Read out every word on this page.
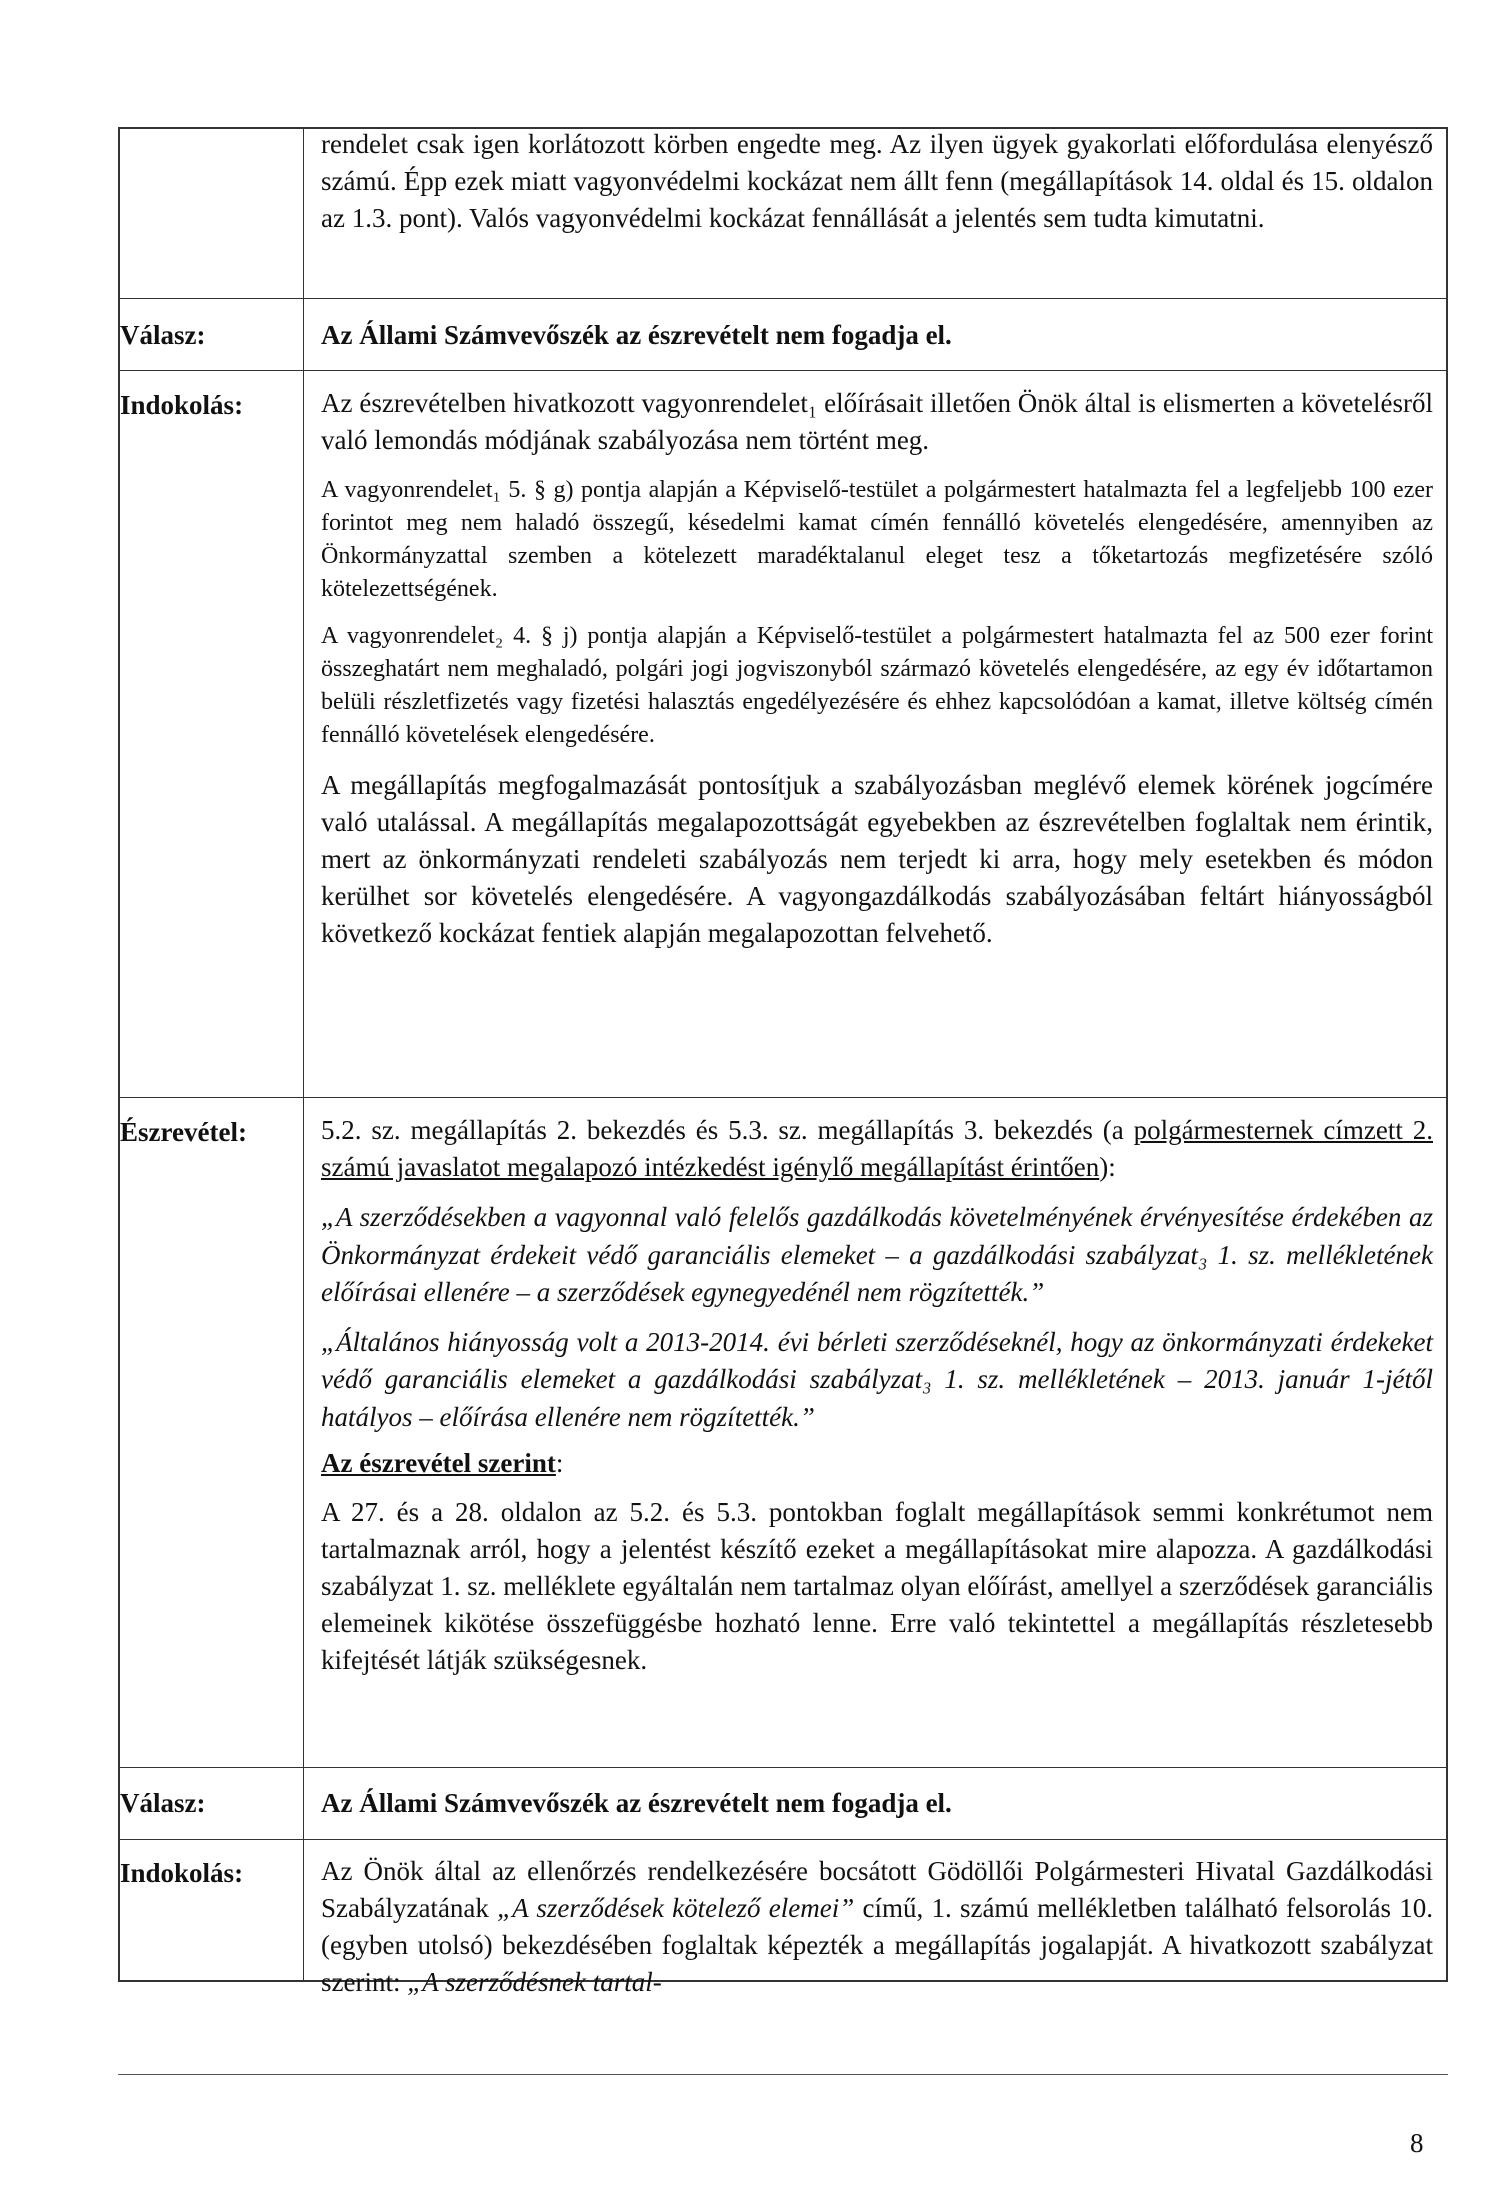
rendelet csak igen korlátozott körben engedte meg. Az ilyen ügyek gyakorlati előfordulása elenyésző számú. Épp ezek miatt vagyonvédelmi kockázat nem állt fenn (megállapítások 14. oldal és 15. oldalon az 1.3. pont). Valós vagyonvédelmi kockázat fennállását a jelentés sem tudta kimutatni.

Válasz:	Az Állami Számvevőszék az észrevételt nem fogadja el.

Indokolás:	Az észrevételben hivatkozott vagyonrendelet₁ előírásait illetően Önök által is elismerten a követelésről való lemondás módjának szabályozása nem történt meg.

A vagyonrendelet₁ 5. § g) pontja alapján a Képviselő-testület a polgármestert hatalmazta fel a legfeljebb 100 ezer forintot meg nem haladó összegű, késedelmi kamat címén fennálló követelés elengedésére, amennyiben az Önkormányzattal szemben a kötelezett maradéktalanul eleget tesz a tőketartozás megfizetésére szóló kötelezettségének.

A vagyonrendelet₂ 4. § j) pontja alapján a Képviselő-testület a polgármestert hatalmazta fel az 500 ezer forint összeghatárt nem meghaladó, polgári jogi jogviszonyból származó követelés elengedésére, az egy év időtartamon belüli részletfizetés vagy fizetési halasztás engedélyezésére és ehhez kapcsolódóan a kamat, illetve költség címén fennálló követelések elengedésére.

A megállapítás megfogalmazását pontosítjuk a szabályozásban meglévő elemek körének jogcímére való utalással. A megállapítás megalapozottságát egyebekben az észrevételben foglaltak nem érintik, mert az önkormányzati rendeleti szabályozás nem terjedt ki arra, hogy mely esetekben és módon kerülhet sor követelés elengedésére. A vagyongazdálkodás szabályozásában feltárt hiányosságból következő kockázat fentiek alapján megalapozottan felvehető.

Észrevétel:	5.2. sz. megállapítás 2. bekezdés és 5.3. sz. megállapítás 3. bekezdés (a polgármesternek címzett 2. számú javaslatot megalapozó intézkedést igénylő megállapítást érintően):

„A szerződésekben a vagyonnal való felelős gazdálkodás követelményének érvényesítése érdekében az Önkormányzat érdekeit védő garanciális elemeket – a gazdálkodási szabályzat₃ 1. sz. mellékletének előírásai ellenére – a szerződések egynegyedénél nem rögzítették.”

„Általános hiányosság volt a 2013-2014. évi bérleti szerződéseknél, hogy az önkormányzati érdekeket védő garanciális elemeket a gazdálkodási szabályzat₃ 1. sz. mellékletének – 2013. január 1-jétől hatályos – előírása ellenére nem rögzítették.”

Az észrevétel szerint:

A 27. és a 28. oldalon az 5.2. és 5.3. pontokban foglalt megállapítások semmi konkrétumot nem tartalmaznak arról, hogy a jelentést készítő ezeket a megállapításokat mire alapozza. A gazdálkodási szabályzat 1. sz. melléklete egyáltalán nem tartalmaz olyan előírást, amellyel a szerződések garanciális elemeinek kikötése összefüggésbe hozható lenne. Erre való tekintettel a megállapítás részletesebb kifejtését látják szükségesnek.

Válasz:	Az Állami Számvevőszék az észrevételt nem fogadja el.

Indokolás:	Az Önök által az ellenőrzés rendelkezésére bocsátott Gödöllői Polgármesteri Hivatal Gazdálkodási Szabályzatának „A szerződések kötelező elemei” című, 1. számú mellékletben található felsorolás 10. (egyben utolsó) bekezdésében foglaltak képezték a megállapítás jogalapját. A hivatkozott szabályzat szerint: „A szerződésnek tartal-

8
